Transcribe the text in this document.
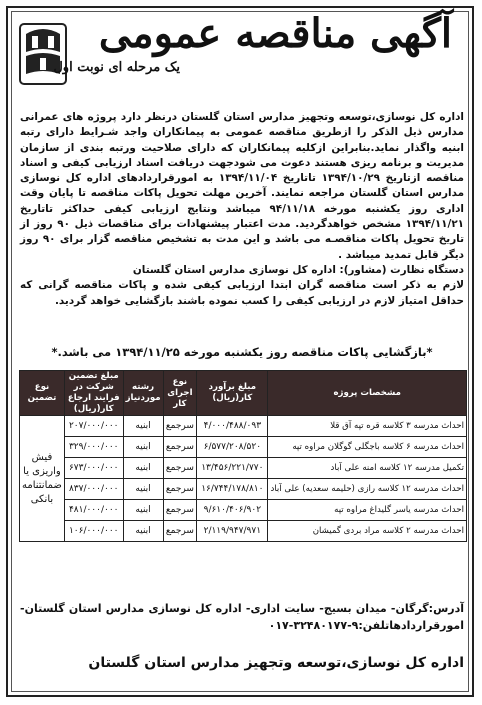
آگهی مناقصه عمومی
یک مرحله ای نوبت اول

اداره کل نوسازی،توسعه وتجهیز مدارس استان گلستان درنظر دارد پروژه های عمرانی مدارس ذیل الذکر را ازطریق مناقصه عمومی به پیمانکاران واجد شـرایط دارای رتبه ابنیه واگذار نماید.بنابراین ازکلیه پیمانکاران که دارای صلاحیت ورتبه بندی از سازمان مدیریت و برنامه ریزی هستند دعوت می شودجهت دریافت اسناد ارزیابی کیفی و اسناد مناقصه ازتاریخ ۱۳۹۴/۱۰/۲۹ تاتاریخ ۱۳۹۴/۱۱/۰۴ به امورقراردادهای اداره کل نوسازی مدارس استان گلستان مراجعه نمایند. آخرین مهلت تحویل پاکات مناقصه تا پایان وقت اداری روز یکشنبه مورخه ۹۴/۱۱/۱۸ میباشد ونتایج ارزیابی کیفی حداکثر تاتاریخ ۱۳۹۴/۱۱/۲۱ مشخص خواهدگردید. مدت اعتبار پیشنهادات برای مناقصات ذیل ۹۰ روز از تاریخ تحویل پاکات مناقصـه می باشد و این مدت به تشخیص مناقصه گزار برای ۹۰ روز دیگر قابل تمدید میباشد .

دستگاه نظارت (مشاور): اداره کل نوسازی مدارس استان گلستان

لازم به ذکر است مناقصه گران ابتدا ارزیابی کیفی شده و پاکات مناقصه گرانی که حداقل امتیاز لازم در ارزیابی کیفی را کسب نموده باشند بازگشایی خواهد گردید.

*بازگشایی پاکات مناقصه روز یکشنبه مورخه ۱۳۹۴/۱۱/۲۵ می باشد.*
مشخصات پروژه	مبلغ برآورد کار(ریال)	نوع اجرای کار	رشته موردنیاز	مبلغ تضمین شرکت در فرایند ارجاع کار(ریال)	نوع تضمین
احداث مدرسه ۳ کلاسه قره تپه آق قلا	۴/۰۰۰/۴۸۸/۰۹۳	سرجمع	ابنیه	۲۰۷/۰۰۰/۰۰۰	فیش واریزی یا ضمانتنامه بانکی
احداث مدرسه ۶ کلاسه باجگلی گوگلان مراوه تپه	۶/۵۷۷/۲۰۸/۵۲۰	سرجمع	ابنیه	۳۲۹/۰۰۰/۰۰۰	
تکمیل مدرسه ۱۲ کلاسه امنه علی آباد	۱۳/۴۵۶/۲۲۱/۷۷۰	سرجمع	ابنیه	۶۷۳/۰۰۰/۰۰۰	
احداث مدرسه ۱۲ کلاسه رازی (حلیمه سعدیه) علی آباد	۱۶/۷۴۴/۱۷۸/۸۱۰	سرجمع	ابنیه	۸۳۷/۰۰۰/۰۰۰	
احداث مدرسه یاسر گلیداغ مراوه تپه	۹/۶۱۰/۴۰۶/۹۰۲	سرجمع	ابنیه	۴۸۱/۰۰۰/۰۰۰	
احداث مدرسه ۲ کلاسه مراد بردی گمیشان	۲/۱۱۹/۹۴۷/۹۷۱	سرجمع	ابنیه	۱۰۶/۰۰۰/۰۰۰	
آدرس:گرگان- میدان بسیج- سایت اداری- اداره کل نوسازی مدارس استان گلستان- امورقراردادهاتلفن:۹-۳۲۴۸۰۱۷۷-۰۱۷
اداره کل نوسازی،توسعه وتجهیز مدارس استان گلستان
